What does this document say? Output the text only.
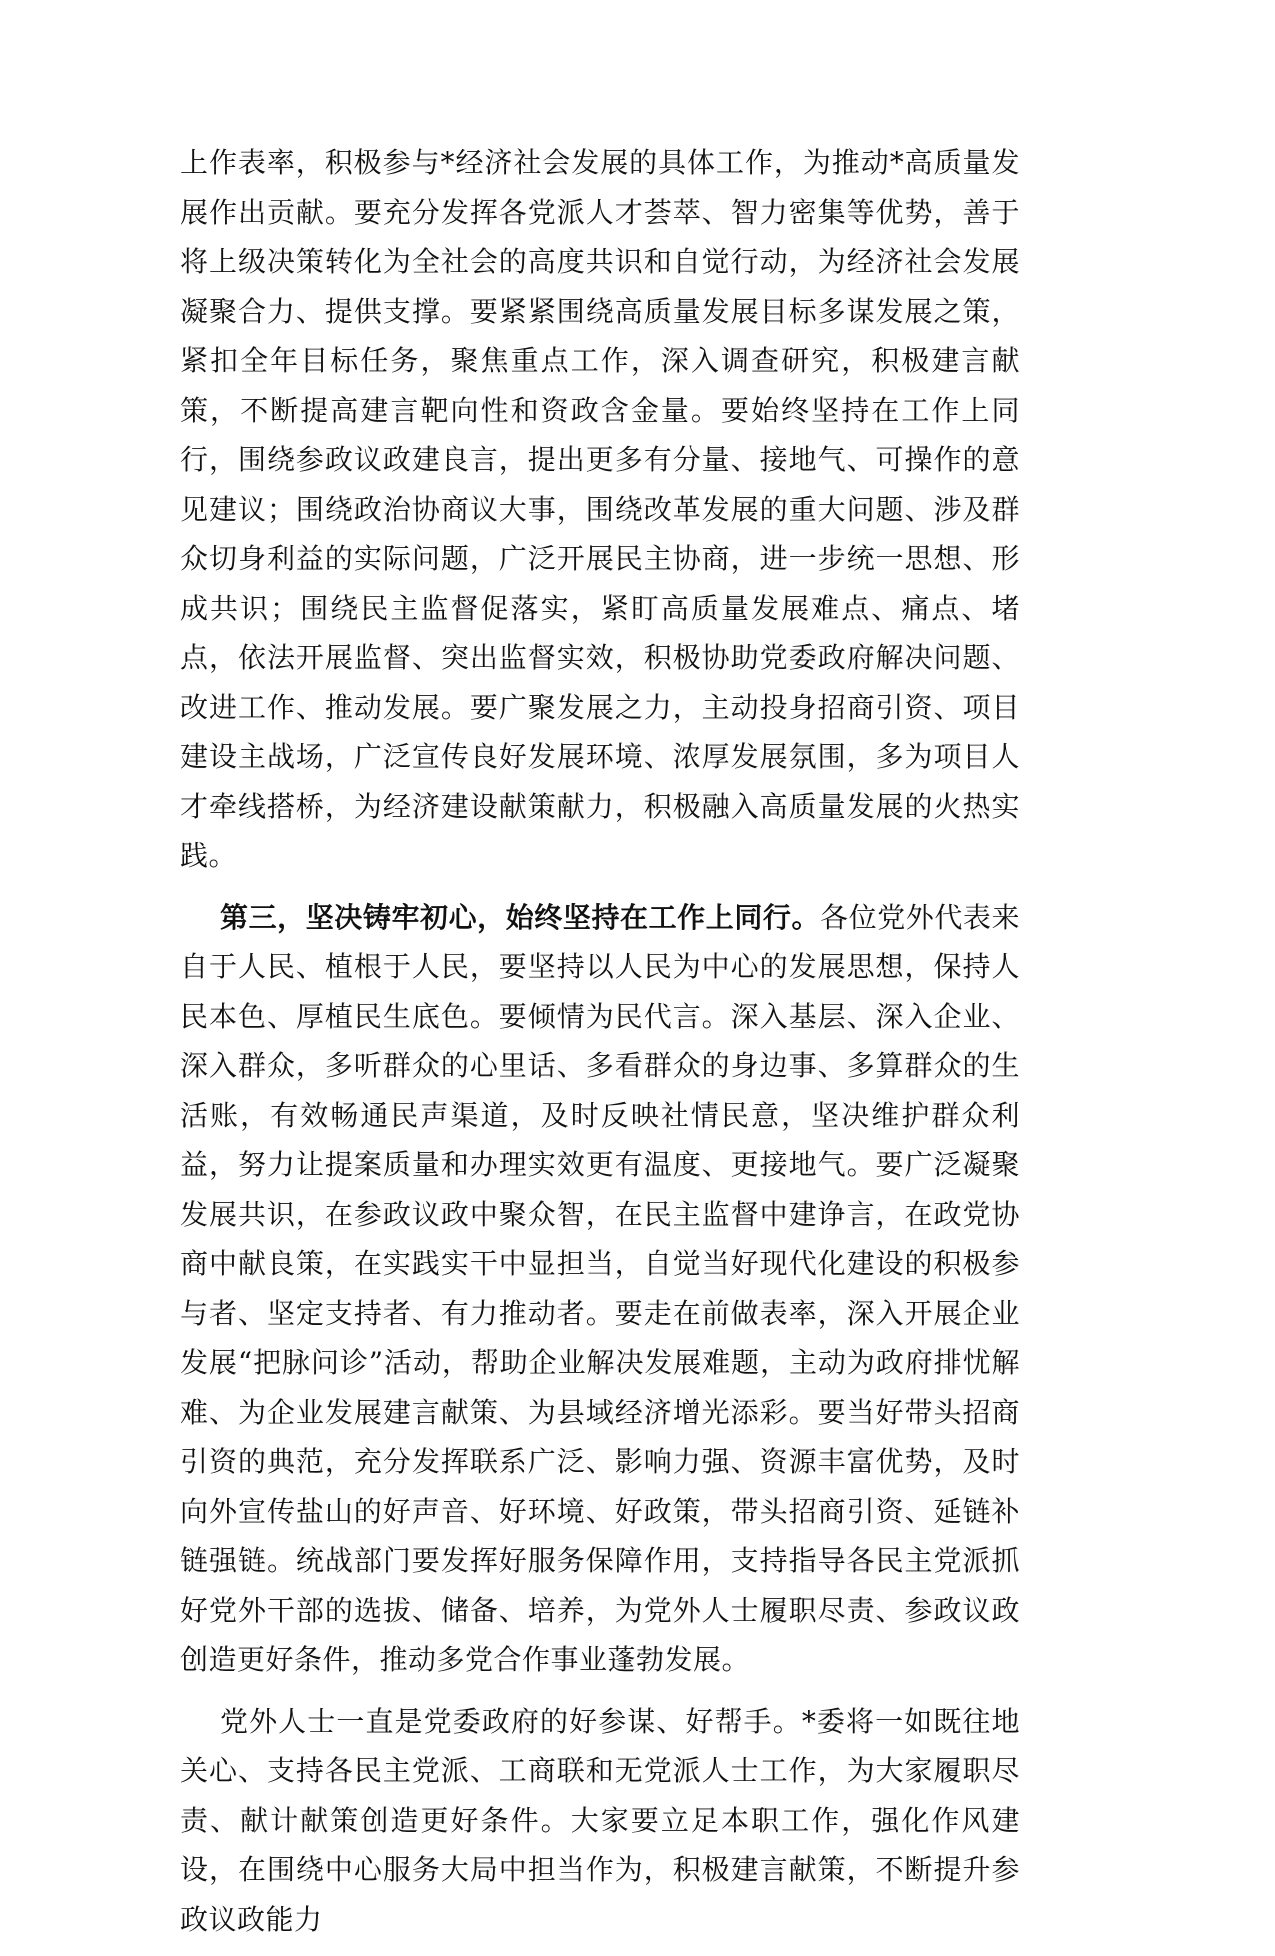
上作表率，积极参与*经济社会发展的具体工作，为推动*高质量发展作出贡献。要充分发挥各党派人才荟萃、智力密集等优势，善于将上级决策转化为全社会的高度共识和自觉行动，为经济社会发展凝聚合力、提供支撑。要紧紧围绕高质量发展目标多谋发展之策，紧扣全年目标任务，聚焦重点工作，深入调查研究，积极建言献策，不断提高建言靶向性和资政含金量。要始终坚持在工作上同行，围绕参政议政建良言，提出更多有分量、接地气、可操作的意见建议；围绕政治协商议大事，围绕改革发展的重大问题、涉及群众切身利益的实际问题，广泛开展民主协商，进一步统一思想、形成共识；围绕民主监督促落实，紧盯高质量发展难点、痛点、堵点，依法开展监督、突出监督实效，积极协助党委政府解决问题、改进工作、推动发展。要广聚发展之力，主动投身招商引资、项目建设主战场，广泛宣传良好发展环境、浓厚发展氛围，多为项目人才牵线搭桥，为经济建设献策献力，积极融入高质量发展的火热实践。

第三，坚决铸牢初心，始终坚持在工作上同行。各位党外代表来自于人民、植根于人民，要坚持以人民为中心的发展思想，保持人民本色、厚植民生底色。要倾情为民代言。深入基层、深入企业、深入群众，多听群众的心里话、多看群众的身边事、多算群众的生活账，有效畅通民声渠道，及时反映社情民意，坚决维护群众利益，努力让提案质量和办理实效更有温度、更接地气。要广泛凝聚发展共识，在参政议政中聚众智，在民主监督中建诤言，在政党协商中献良策，在实践实干中显担当，自觉当好现代化建设的积极参与者、坚定支持者、有力推动者。要走在前做表率，深入开展企业发展“把脉问诊”活动，帮助企业解决发展难题，主动为政府排忧解难、为企业发展建言献策、为县域经济增光添彩。要当好带头招商引资的典范，充分发挥联系广泛、影响力强、资源丰富优势，及时向外宣传盐山的好声音、好环境、好政策，带头招商引资、延链补链强链。统战部门要发挥好服务保障作用，支持指导各民主党派抓好党外干部的选拔、储备、培养，为党外人士履职尽责、参政议政创造更好条件，推动多党合作事业蓬勃发展。

党外人士一直是党委政府的好参谋、好帮手。*委将一如既往地关心、支持各民主党派、工商联和无党派人士工作，为大家履职尽责、献计献策创造更好条件。大家要立足本职工作，强化作风建设，在围绕中心服务大局中担当作为，积极建言献策，不断提升参政议政能力
